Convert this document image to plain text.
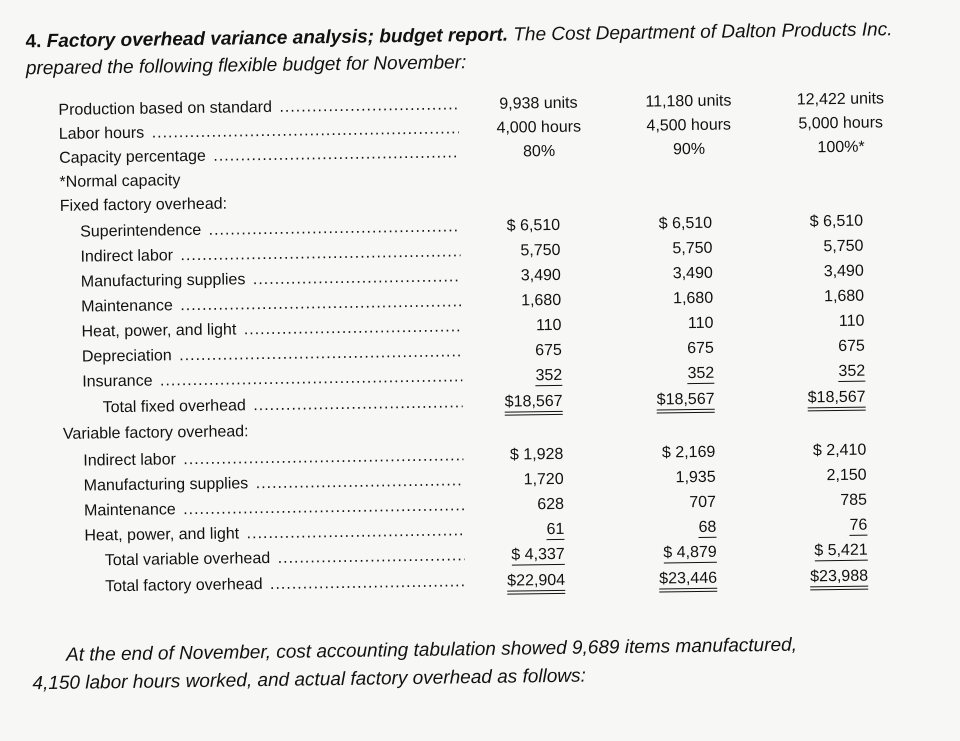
4. Factory overhead variance analysis; budget report. The Cost Department of Dalton Products Inc. prepared the following flexible budget for November:
Production based on standard .....	9,938 units	11,180 units	12,422 units
Labor hours .....	4,000 hours	4,500 hours	5,000 hours
Capacity percentage .....	80%	90%	100%*
*Normal capacity
Fixed factory overhead:
Superintendence .....	$ 6,510	$ 6,510	$ 6,510
Indirect labor .....	5,750	5,750	5,750
Manufacturing supplies .....	3,490	3,490	3,490
Maintenance .....	1,680	1,680	1,680
Heat, power, and light .....	110	110	110
Depreciation .....	675	675	675
Insurance .....	352	352	352
Total fixed overhead .....	$18,567	$18,567	$18,567
Variable factory overhead:
Indirect labor .....	$ 1,928	$ 2,169	$ 2,410
Manufacturing supplies .....	1,720	1,935	2,150
Maintenance .....	628	707	785
Heat, power, and light .....	61	68	76
Total variable overhead .....	$ 4,337	$ 4,879	$ 5,421
Total factory overhead .....	$22,904	$23,446	$23,988
At the end of November, cost accounting tabulation showed 9,689 items manufactured,
4,150 labor hours worked, and actual factory overhead as follows:
